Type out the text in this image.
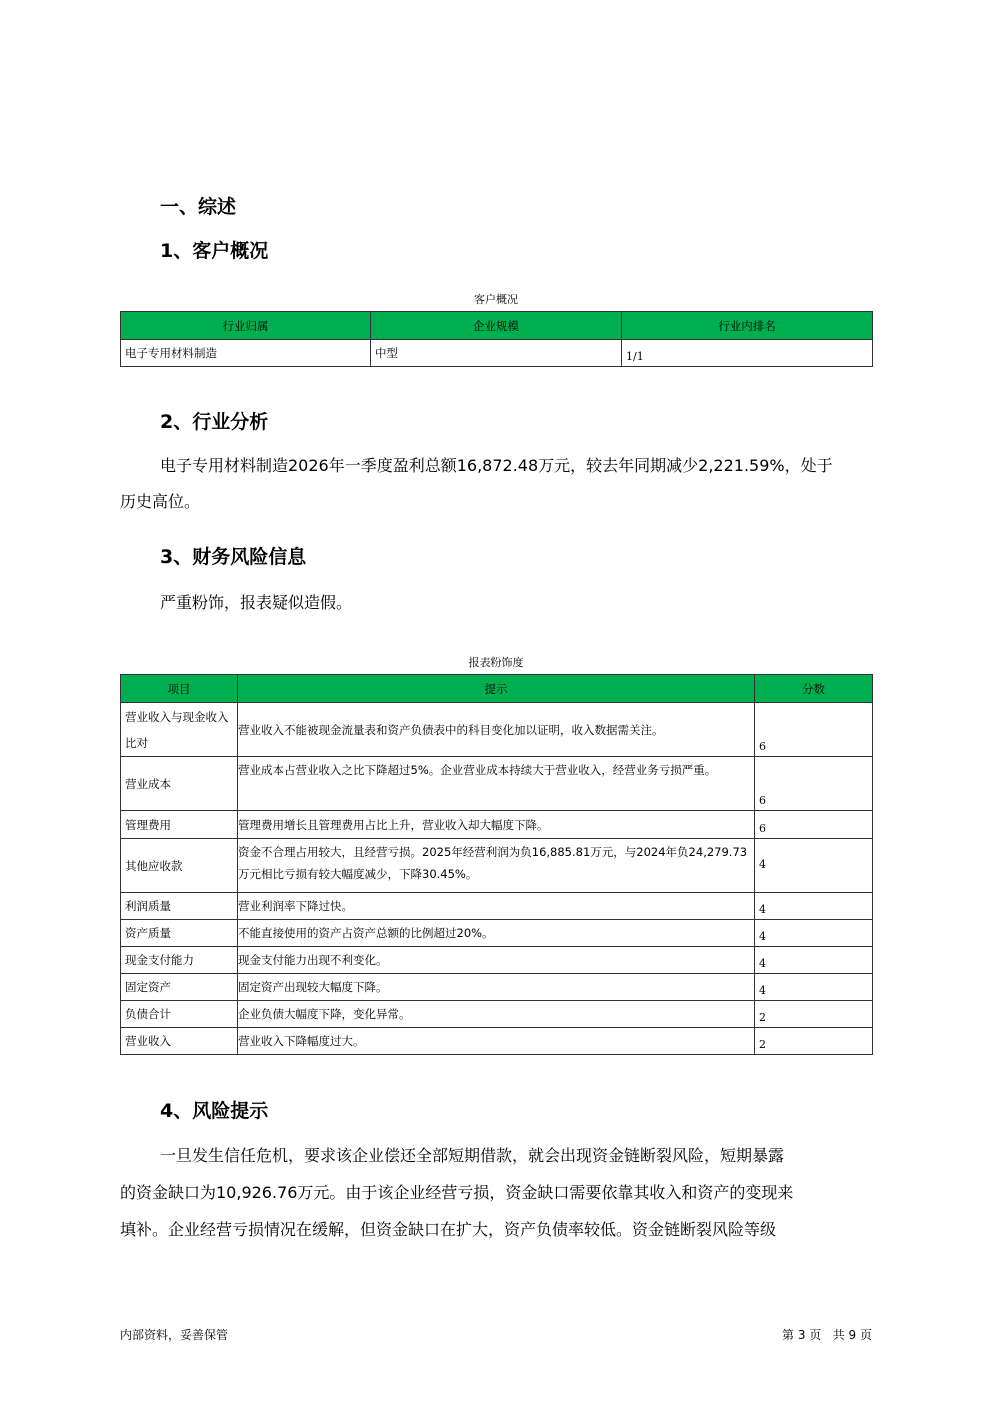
一、综述
1、客户概况
客户概况
行业归属	企业规模	行业内排名
电子专用材料制造	中型	1/1
2、行业分析
电子专用材料制造2026年一季度盈利总额16,872.48万元，较去年同期减少2,221.59%，处于
历史高位。
3、财务风险信息
严重粉饰，报表疑似造假。
报表粉饰度
项目	提示	分数
营业收入与现金收入比对	营业收入不能被现金流量表和资产负债表中的科目变化加以证明，收入数据需关注。	6
营业成本	营业成本占营业收入之比下降超过5%。企业营业成本持续大于营业收入，经营业务亏损严重。	6
管理费用	管理费用增长且管理费用占比上升，营业收入却大幅度下降。	6
其他应收款	资金不合理占用较大，且经营亏损。2025年经营利润为负16,885.81万元，与2024年负24,279.73万元相比亏损有较大幅度减少，下降30.45%。	4
利润质量	营业利润率下降过快。	4
资产质量	不能直接使用的资产占资产总额的比例超过20%。	4
现金支付能力	现金支付能力出现不利变化。	4
固定资产	固定资产出现较大幅度下降。	4
负债合计	企业负债大幅度下降，变化异常。	2
营业收入	营业收入下降幅度过大。	2
4、风险提示
一旦发生信任危机，要求该企业偿还全部短期借款，就会出现资金链断裂风险，短期暴露
的资金缺口为10,926.76万元。由于该企业经营亏损，资金缺口需要依靠其收入和资产的变现来
填补。企业经营亏损情况在缓解，但资金缺口在扩大，资产负债率较低。资金链断裂风险等级
内部资料，妥善保管	第 3 页   共 9 页
